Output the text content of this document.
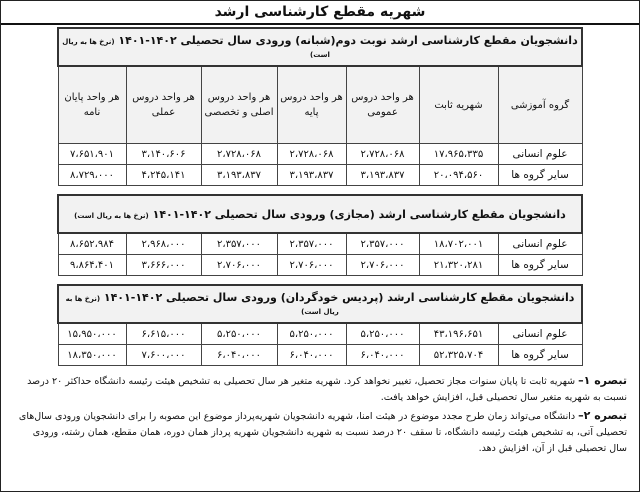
شهریه مقطع کارشناسی ارشد
دانشجویان مقطع کارشناسی ارشد نوبت دوم(شبانه) ورودی سال تحصیلی ۱۴۰۲-۱۴۰۱ (نرخ ها به ریال است)						
گروه آموزشی	شهریه ثابت	هر واحد دروس عمومی	هر واحد دروس پایه	هر واحد دروس اصلی و تخصصی	هر واحد دروس عملی	هر واحد پایان نامه
علوم انسانی	۱۷،۹۶۵،۳۳۵	۲،۷۲۸،۰۶۸	۲،۷۲۸،۰۶۸	۲،۷۲۸،۰۶۸	۳،۱۴۰،۶۰۶	۷،۶۵۱،۹۰۱
سایر گروه ها	۲۰،۰۹۴،۵۶۰	۳،۱۹۳،۸۳۷	۳،۱۹۳،۸۳۷	۳،۱۹۳،۸۳۷	۴،۲۴۵،۱۴۱	۸،۷۲۹،۰۰۰

دانشجویان مقطع کارشناسی ارشد (مجازی) ورودی سال تحصیلی ۱۴۰۲-۱۴۰۱ (نرخ ها به ریال است)						
علوم انسانی	۱۸،۷۰۲،۰۰۱	۲،۳۵۷،۰۰۰	۲،۳۵۷،۰۰۰	۲،۳۵۷،۰۰۰	۲،۹۶۸،۰۰۰	۸،۶۵۲،۹۸۴
سایر گروه ها	۲۱،۳۲۰،۲۸۱	۲،۷۰۶،۰۰۰	۲،۷۰۶،۰۰۰	۲،۷۰۶،۰۰۰	۳،۶۶۶،۰۰۰	۹،۸۶۴،۴۰۱

دانشجویان مقطع کارشناسی ارشد (پردیس خودگردان) ورودی سال تحصیلی ۱۴۰۲-۱۴۰۱ (نرخ ها به ریال است)						
علوم انسانی	۴۳،۱۹۶،۶۵۱	۵،۲۵۰،۰۰۰	۵،۲۵۰،۰۰۰	۵،۲۵۰،۰۰۰	۶،۶۱۵،۰۰۰	۱۵،۹۵۰،۰۰۰
سایر گروه ها	۵۲،۳۲۵،۷۰۴	۶،۰۴۰،۰۰۰	۶،۰۴۰،۰۰۰	۶،۰۴۰،۰۰۰	۷،۶۰۰،۰۰۰	۱۸،۳۵۰،۰۰۰

تبصره ۱– شهریه ثابت تا پایان سنوات مجاز تحصیل، تغییر نخواهد کرد. شهریه متغیر هر سال تحصیلی به تشخیص هیئت رئیسه دانشگاه حداکثر ۲۰ درصد نسبت به شهریه متغیر سال تحصیلی قبل، افزایش خواهد یافت.

تبصره ۲– دانشگاه می‌تواند زمان طرح مجدد موضوع در هیئت امنا، شهریه دانشجویان شهریه‌پرداز موضوع این مصوبه را برای دانشجویان ورودی سال‌های تحصیلی آتی، به تشخیص هیئت رئیسه دانشگاه، تا سقف ۲۰ درصد نسبت به شهریه دانشجویان شهریه پرداز همان دوره، همان مقطع، همان رشته، ورودی سال تحصیلی قبل از آن، افزایش دهد.
